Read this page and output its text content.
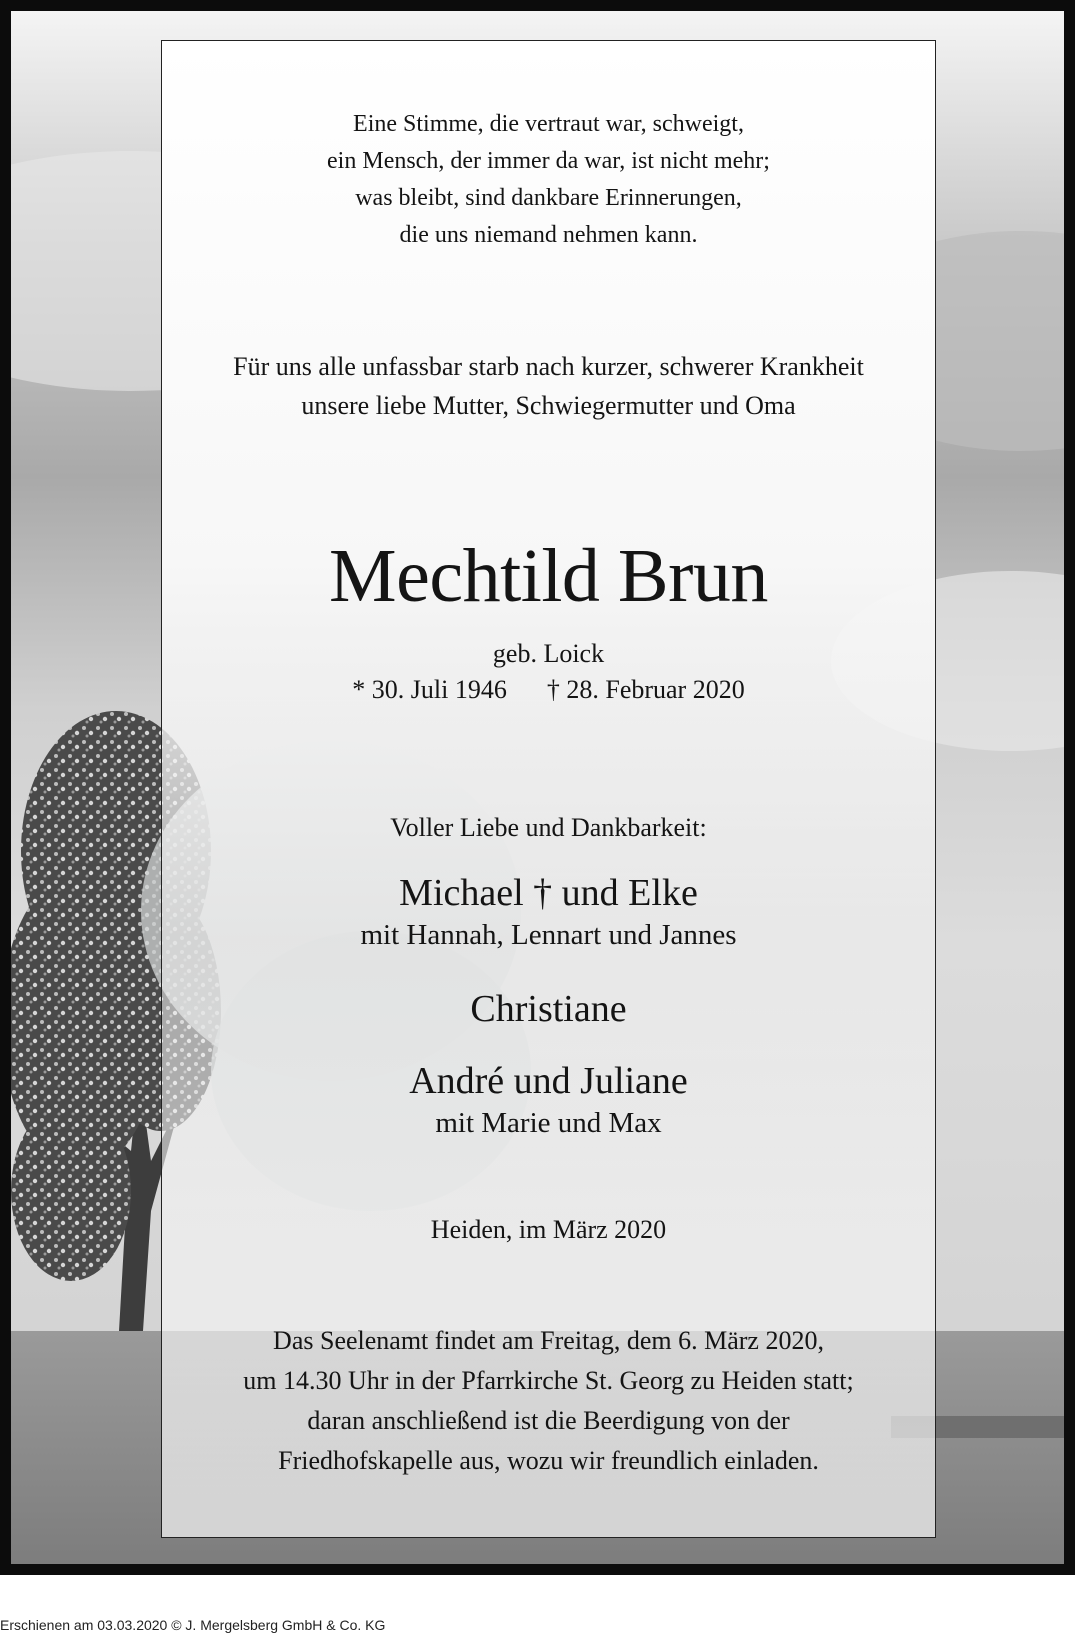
Eine Stimme, die vertraut war, schweigt,
ein Mensch, der immer da war, ist nicht mehr;
was bleibt, sind dankbare Erinnerungen,
die uns niemand nehmen kann.

Für uns alle unfassbar starb nach kurzer, schwerer Krankheit
unsere liebe Mutter, Schwiegermutter und Oma

Mechtild Brun

geb. Loick

* 30. Juli 1946 † 28. Februar 2020

Voller Liebe und Dankbarkeit:

Michael † und Elke

mit Hannah, Lennart und Jannes

Christiane

André und Juliane

mit Marie und Max

Heiden, im März 2020

Das Seelenamt findet am Freitag, dem 6. März 2020,
um 14.30 Uhr in der Pfarrkirche St. Georg zu Heiden statt;
daran anschließend ist die Beerdigung von der
Friedhofskapelle aus, wozu wir freundlich einladen.

Erschienen am 03.03.2020 © J. Mergelsberg GmbH & Co. KG
